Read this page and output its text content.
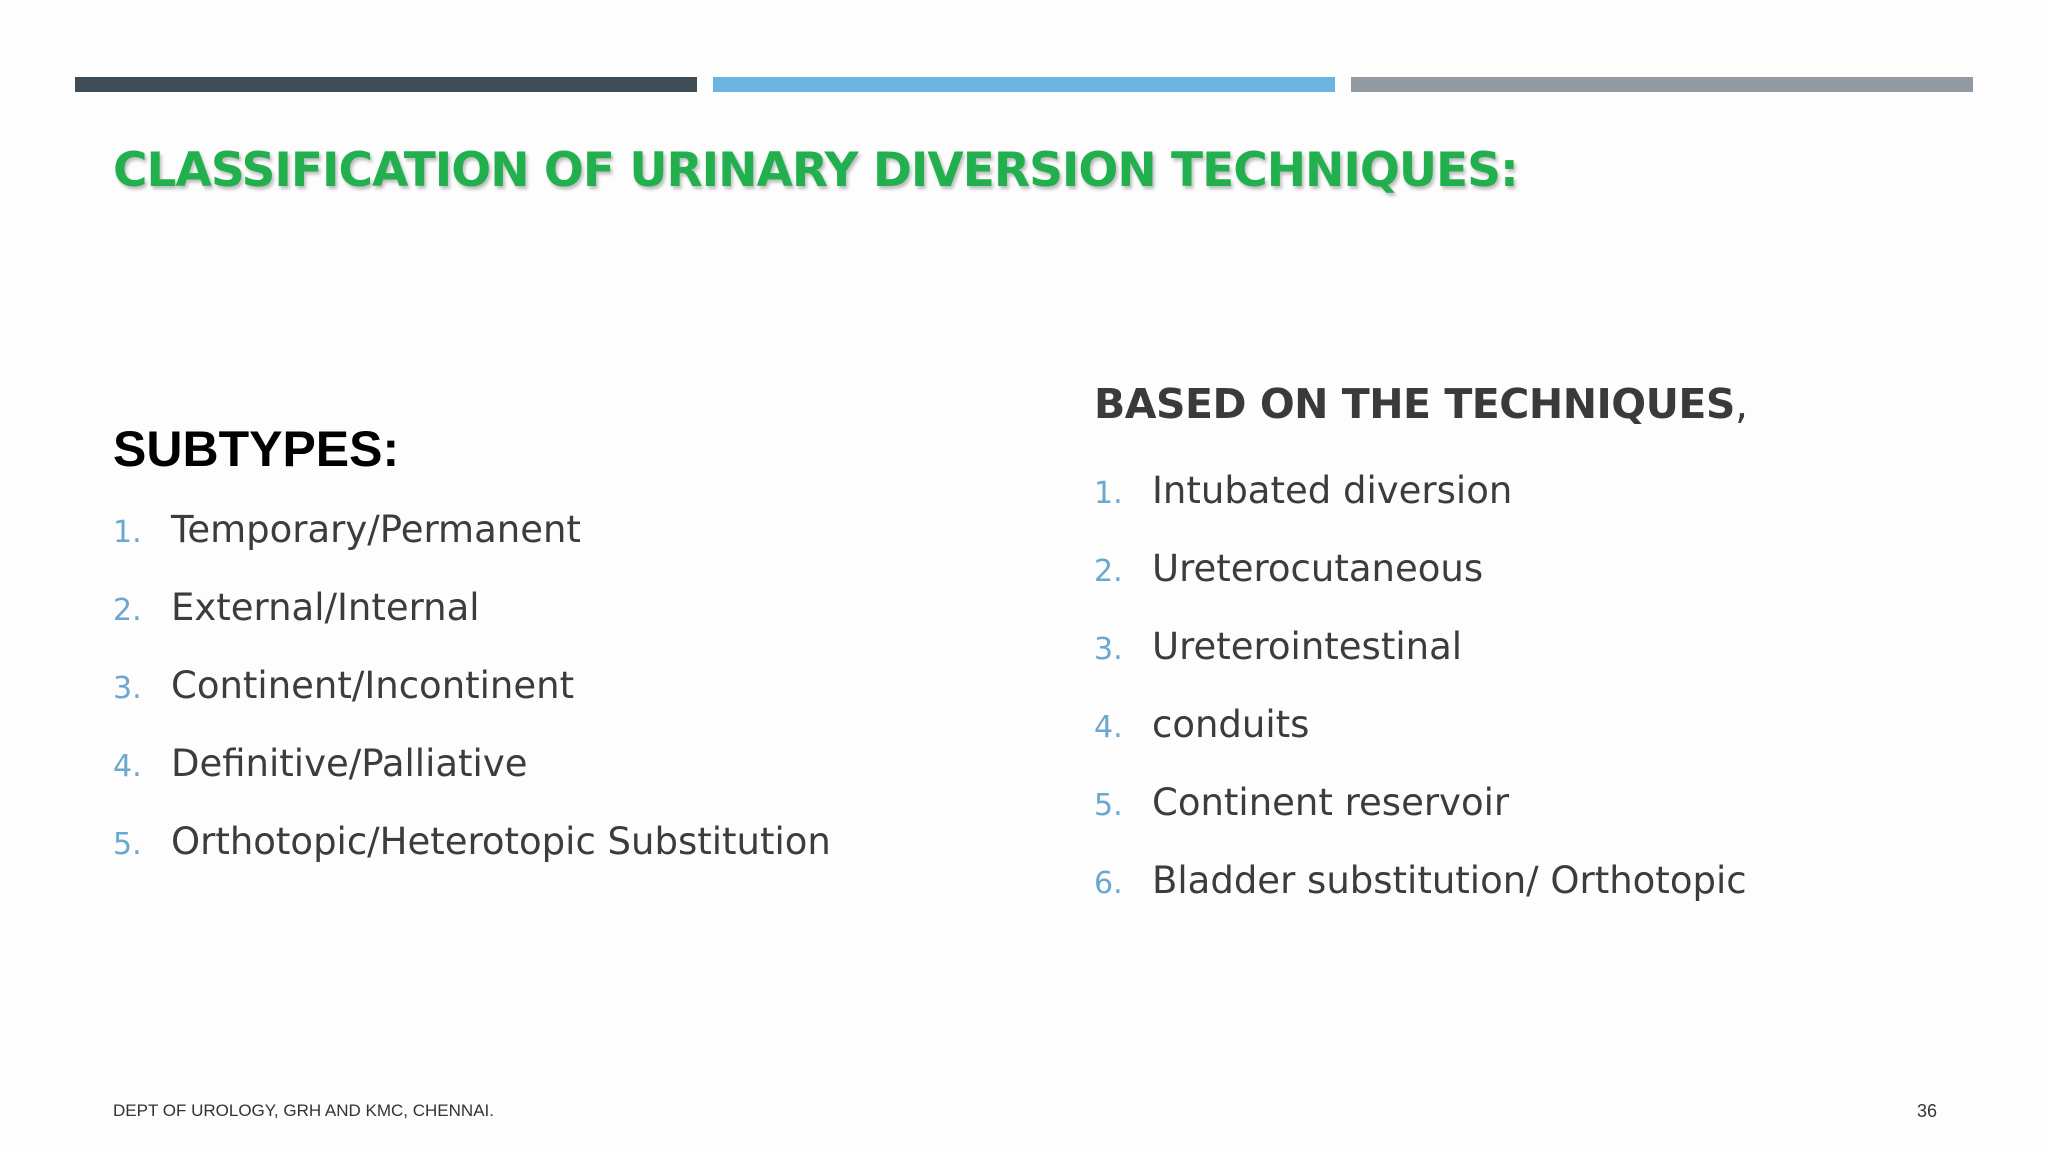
CLASSIFICATION OF URINARY DIVERSION TECHNIQUES:
SUBTYPES:
1. Temporary/Permanent
2. External/Internal
3. Continent/Incontinent
4. Definitive/Palliative
5. Orthotopic/Heterotopic Substitution
BASED ON THE TECHNIQUES,
1. Intubated diversion
2. Ureterocutaneous
3. Ureterointestinal
4. conduits
5. Continent reservoir
6. Bladder substitution/ Orthotopic
DEPT OF UROLOGY, GRH AND KMC, CHENNAI.	36
